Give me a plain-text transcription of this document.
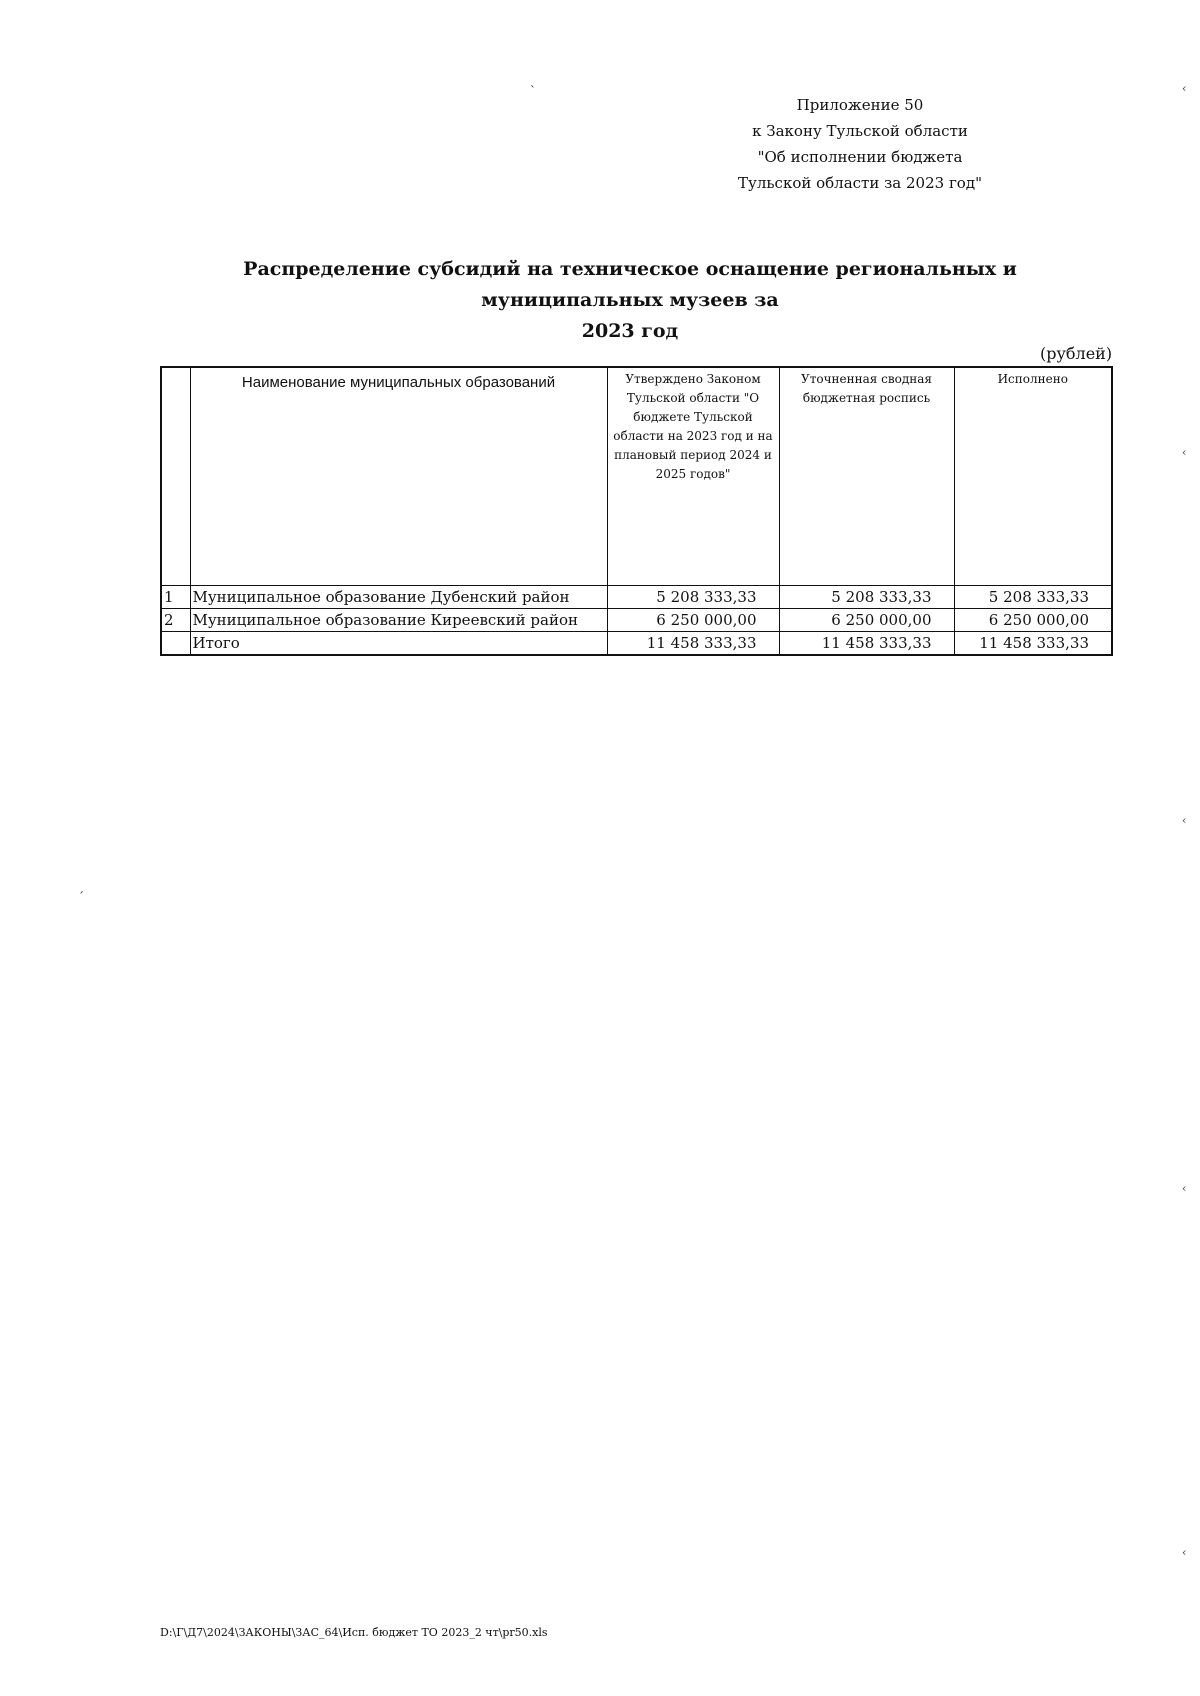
Приложение 50
к Закону Тульской области
"Об исполнении бюджета
Тульской области за 2023 год"
Распределение субсидий на техническое оснащение региональных и муниципальных музеев за
2023 год
(рублей)
	Наименование муниципальных образований	Утверждено Законом Тульской области "О бюджете Тульской области на 2023 год и на плановый период 2024 и 2025 годов"	Уточненная сводная бюджетная роспись	Исполнено
1	Муниципальное образование Дубенский район	5 208 333,33	5 208 333,33	5 208 333,33
2	Муниципальное образование Киреевский район	6 250 000,00	6 250 000,00	6 250 000,00
	Итого	11 458 333,33	11 458 333,33	11 458 333,33
D:\Г\Д7\2024\ЗАКОНЫ\ЗАС_64\Исп. бюджет ТО 2023_2 чт\pr50.xls
`
´
‹
‹
‹
‹
‹
